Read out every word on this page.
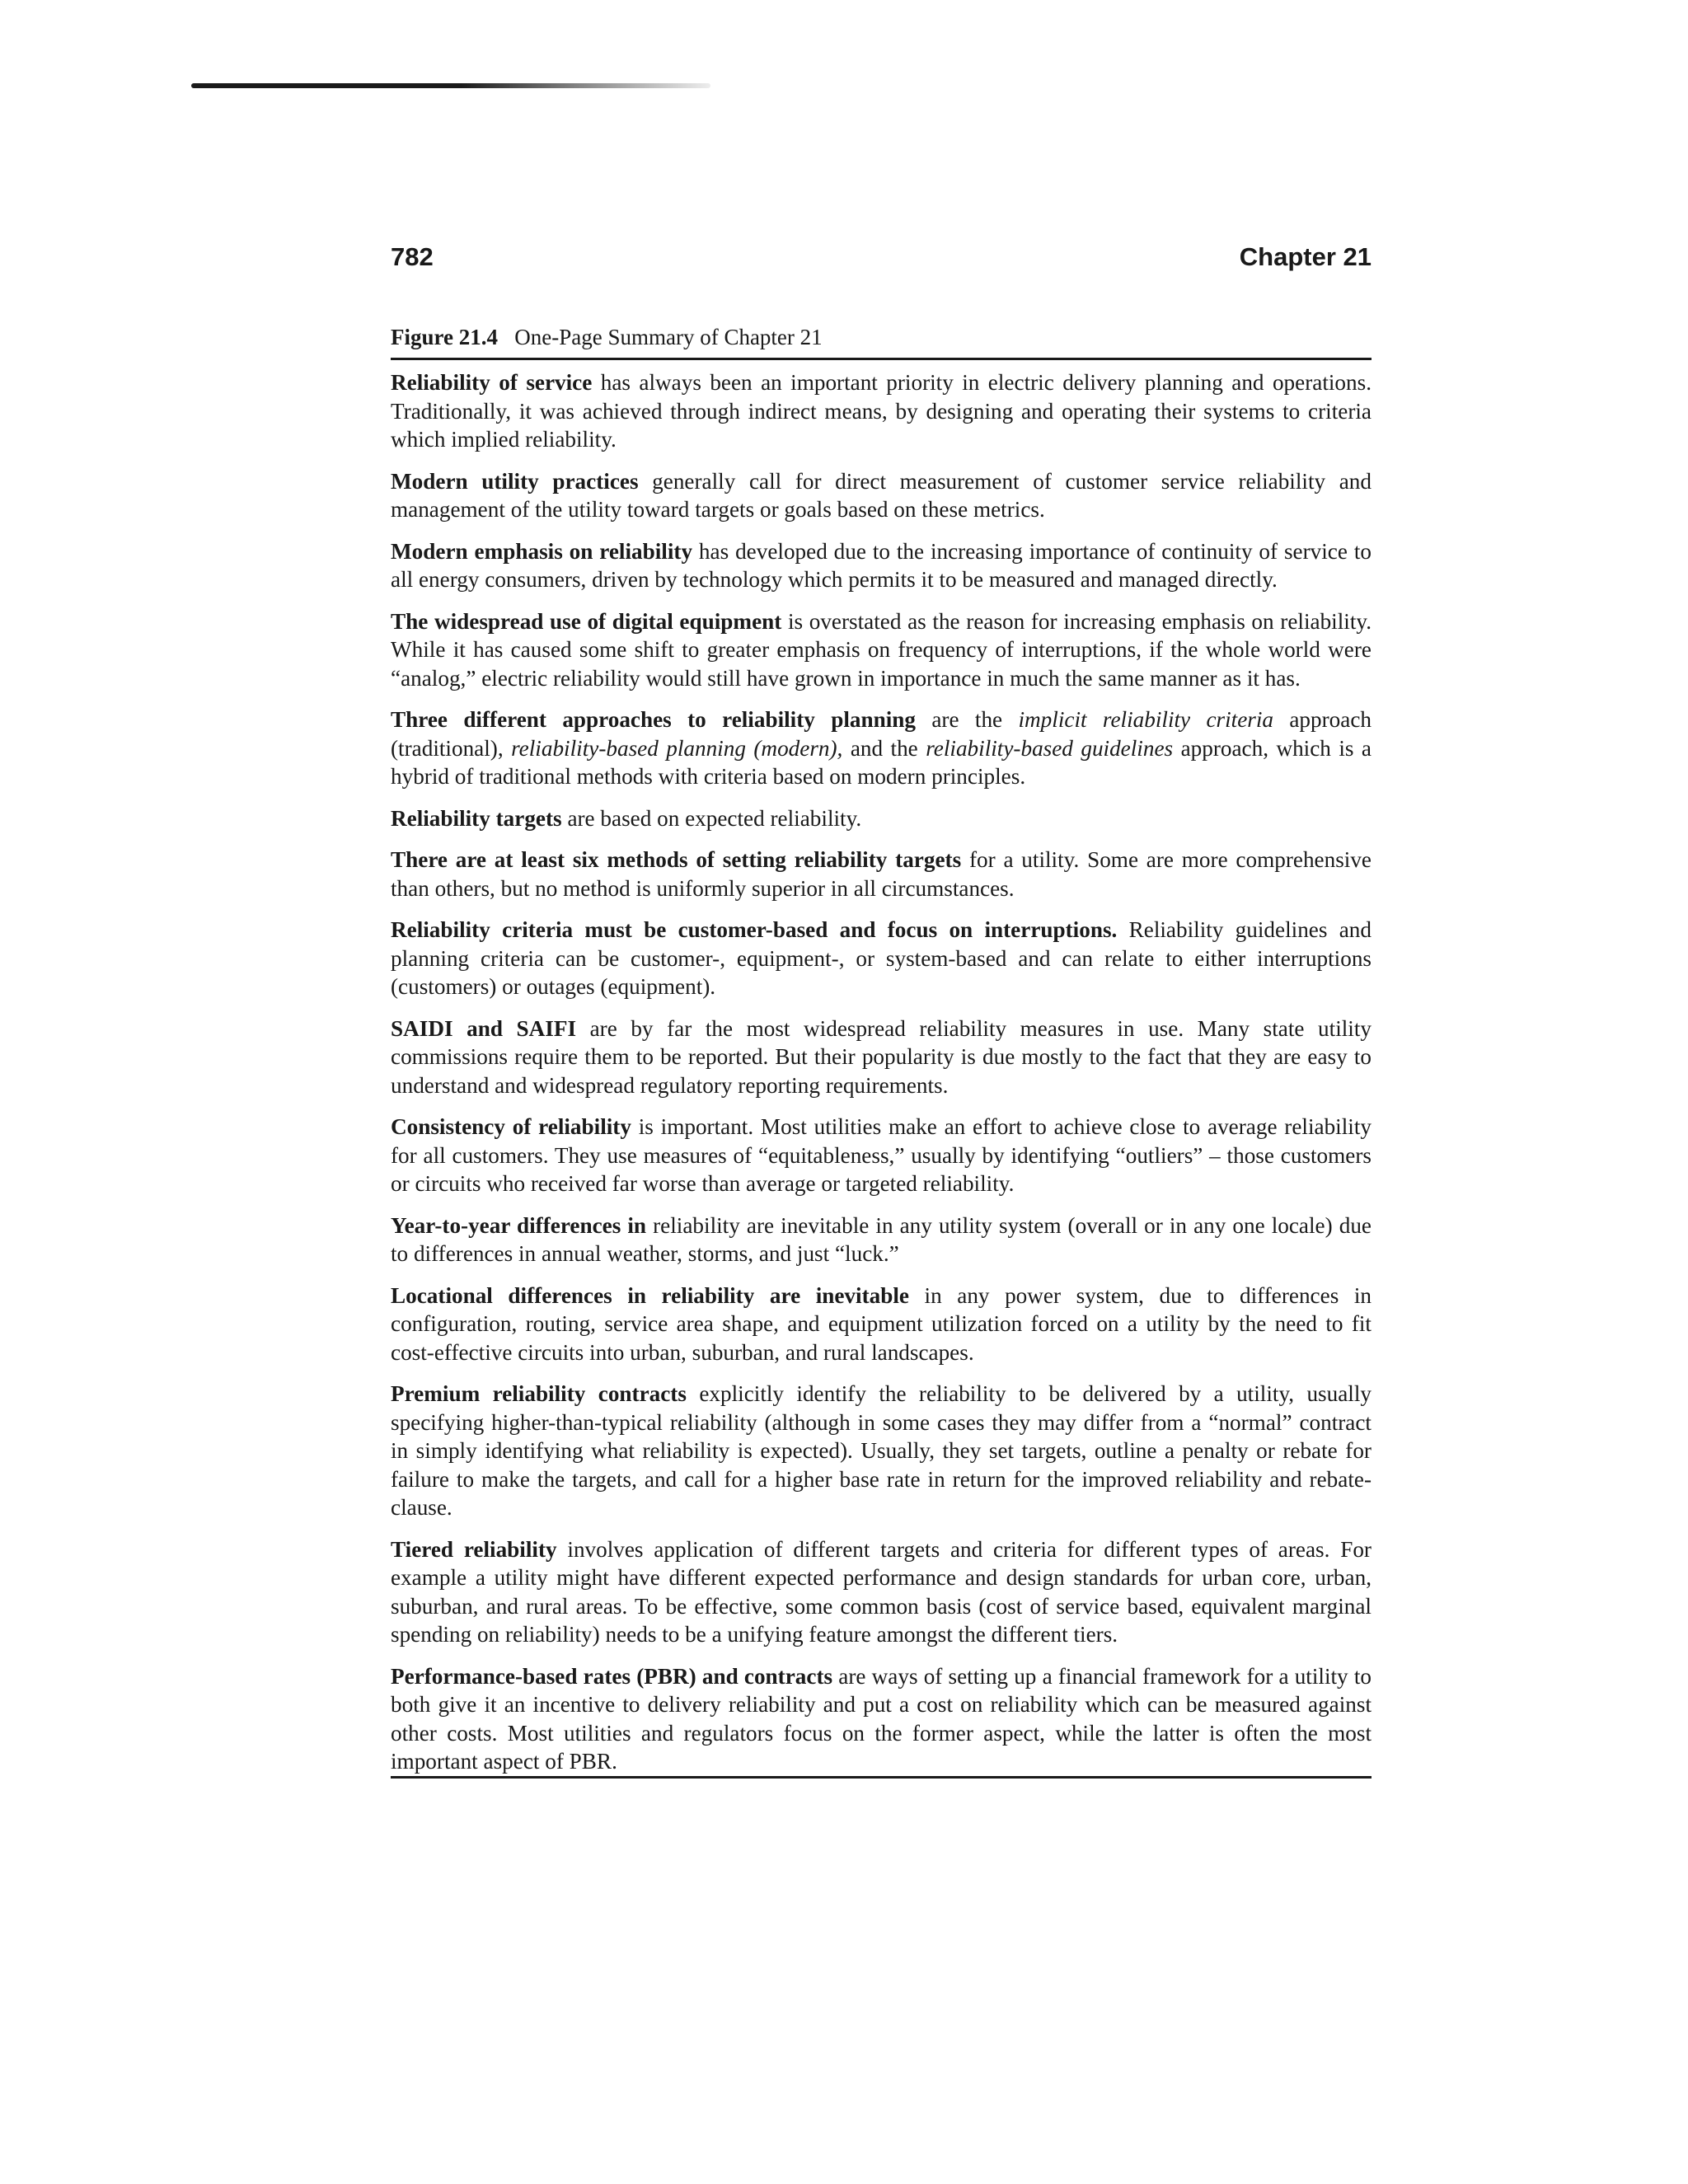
782	Chapter 21
Figure 21.4 One-Page Summary of Chapter 21

Reliability of service has always been an important priority in electric delivery planning and operations. Traditionally, it was achieved through indirect means, by designing and operating their systems to criteria which implied reliability.

Modern utility practices generally call for direct measurement of customer service reliability and management of the utility toward targets or goals based on these metrics.

Modern emphasis on reliability has developed due to the increasing importance of continuity of service to all energy consumers, driven by technology which permits it to be measured and managed directly.

The widespread use of digital equipment is overstated as the reason for increasing emphasis on reliability. While it has caused some shift to greater emphasis on frequency of interruptions, if the whole world were “analog,” electric reliability would still have grown in importance in much the same manner as it has.

Three different approaches to reliability planning are the implicit reliability criteria approach (traditional), reliability-based planning (modern), and the reliability-based guidelines approach, which is a hybrid of traditional methods with criteria based on modern principles.

Reliability targets are based on expected reliability.

There are at least six methods of setting reliability targets for a utility. Some are more comprehensive than others, but no method is uniformly superior in all circumstances.

Reliability criteria must be customer-based and focus on interruptions. Reliability guidelines and planning criteria can be customer-, equipment-, or system-based and can relate to either interruptions (customers) or outages (equipment).

SAIDI and SAIFI are by far the most widespread reliability measures in use. Many state utility commissions require them to be reported. But their popularity is due mostly to the fact that they are easy to understand and widespread regulatory reporting requirements.

Consistency of reliability is important. Most utilities make an effort to achieve close to average reliability for all customers. They use measures of “equitableness,” usually by identifying “outliers” – those customers or circuits who received far worse than average or targeted reliability.

Year-to-year differences in reliability are inevitable in any utility system (overall or in any one locale) due to differences in annual weather, storms, and just “luck.”

Locational differences in reliability are inevitable in any power system, due to differences in configuration, routing, service area shape, and equipment utilization forced on a utility by the need to fit cost-effective circuits into urban, suburban, and rural landscapes.

Premium reliability contracts explicitly identify the reliability to be delivered by a utility, usually specifying higher-than-typical reliability (although in some cases they may differ from a “normal” contract in simply identifying what reliability is expected). Usually, they set targets, outline a penalty or rebate for failure to make the targets, and call for a higher base rate in return for the improved reliability and rebate-clause.

Tiered reliability involves application of different targets and criteria for different types of areas. For example a utility might have different expected performance and design standards for urban core, urban, suburban, and rural areas. To be effective, some common basis (cost of service based, equivalent marginal spending on reliability) needs to be a unifying feature amongst the different tiers.

Performance-based rates (PBR) and contracts are ways of setting up a financial framework for a utility to both give it an incentive to delivery reliability and put a cost on reliability which can be measured against other costs. Most utilities and regulators focus on the former aspect, while the latter is often the most important aspect of PBR.
